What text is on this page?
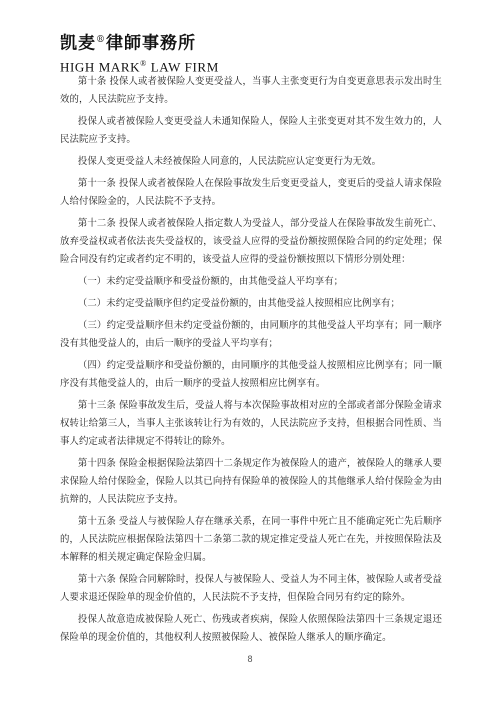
凯麦®律師事務所
HIGH MARK® LAW FIRM

第十条 投保人或者被保险人变更受益人，当事人主张变更行为自变更意思表示发出时生效的，人民法院应予支持。

投保人或者被保险人变更受益人未通知保险人，保险人主张变更对其不发生效力的，人民法院应予支持。

投保人变更受益人未经被保险人同意的，人民法院应认定变更行为无效。

第十一条 投保人或者被保险人在保险事故发生后变更受益人，变更后的受益人请求保险人给付保险金的，人民法院不予支持。

第十二条 投保人或者被保险人指定数人为受益人，部分受益人在保险事故发生前死亡、放弃受益权或者依法丧失受益权的，该受益人应得的受益份额按照保险合同的约定处理；保险合同没有约定或者约定不明的，该受益人应得的受益份额按照以下情形分别处理：

（一）未约定受益顺序和受益份额的，由其他受益人平均享有；

（二）未约定受益顺序但约定受益份额的，由其他受益人按照相应比例享有；

（三）约定受益顺序但未约定受益份额的，由同顺序的其他受益人平均享有；同一顺序没有其他受益人的，由后一顺序的受益人平均享有；

（四）约定受益顺序和受益份额的，由同顺序的其他受益人按照相应比例享有；同一顺序没有其他受益人的，由后一顺序的受益人按照相应比例享有。

第十三条 保险事故发生后，受益人将与本次保险事故相对应的全部或者部分保险金请求权转让给第三人，当事人主张该转让行为有效的，人民法院应予支持，但根据合同性质、当事人约定或者法律规定不得转让的除外。

第十四条 保险金根据保险法第四十二条规定作为被保险人的遗产，被保险人的继承人要求保险人给付保险金，保险人以其已向持有保险单的被保险人的其他继承人给付保险金为由抗辩的，人民法院应予支持。

第十五条 受益人与被保险人存在继承关系，在同一事件中死亡且不能确定死亡先后顺序的，人民法院应根据保险法第四十二条第二款的规定推定受益人死亡在先，并按照保险法及本解释的相关规定确定保险金归属。

第十六条 保险合同解除时，投保人与被保险人、受益人为不同主体，被保险人或者受益人要求退还保险单的现金价值的，人民法院不予支持，但保险合同另有约定的除外。

投保人故意造成被保险人死亡、伤残或者疾病，保险人依照保险法第四十三条规定退还保险单的现金价值的，其他权利人按照被保险人、被保险人继承人的顺序确定。

8
